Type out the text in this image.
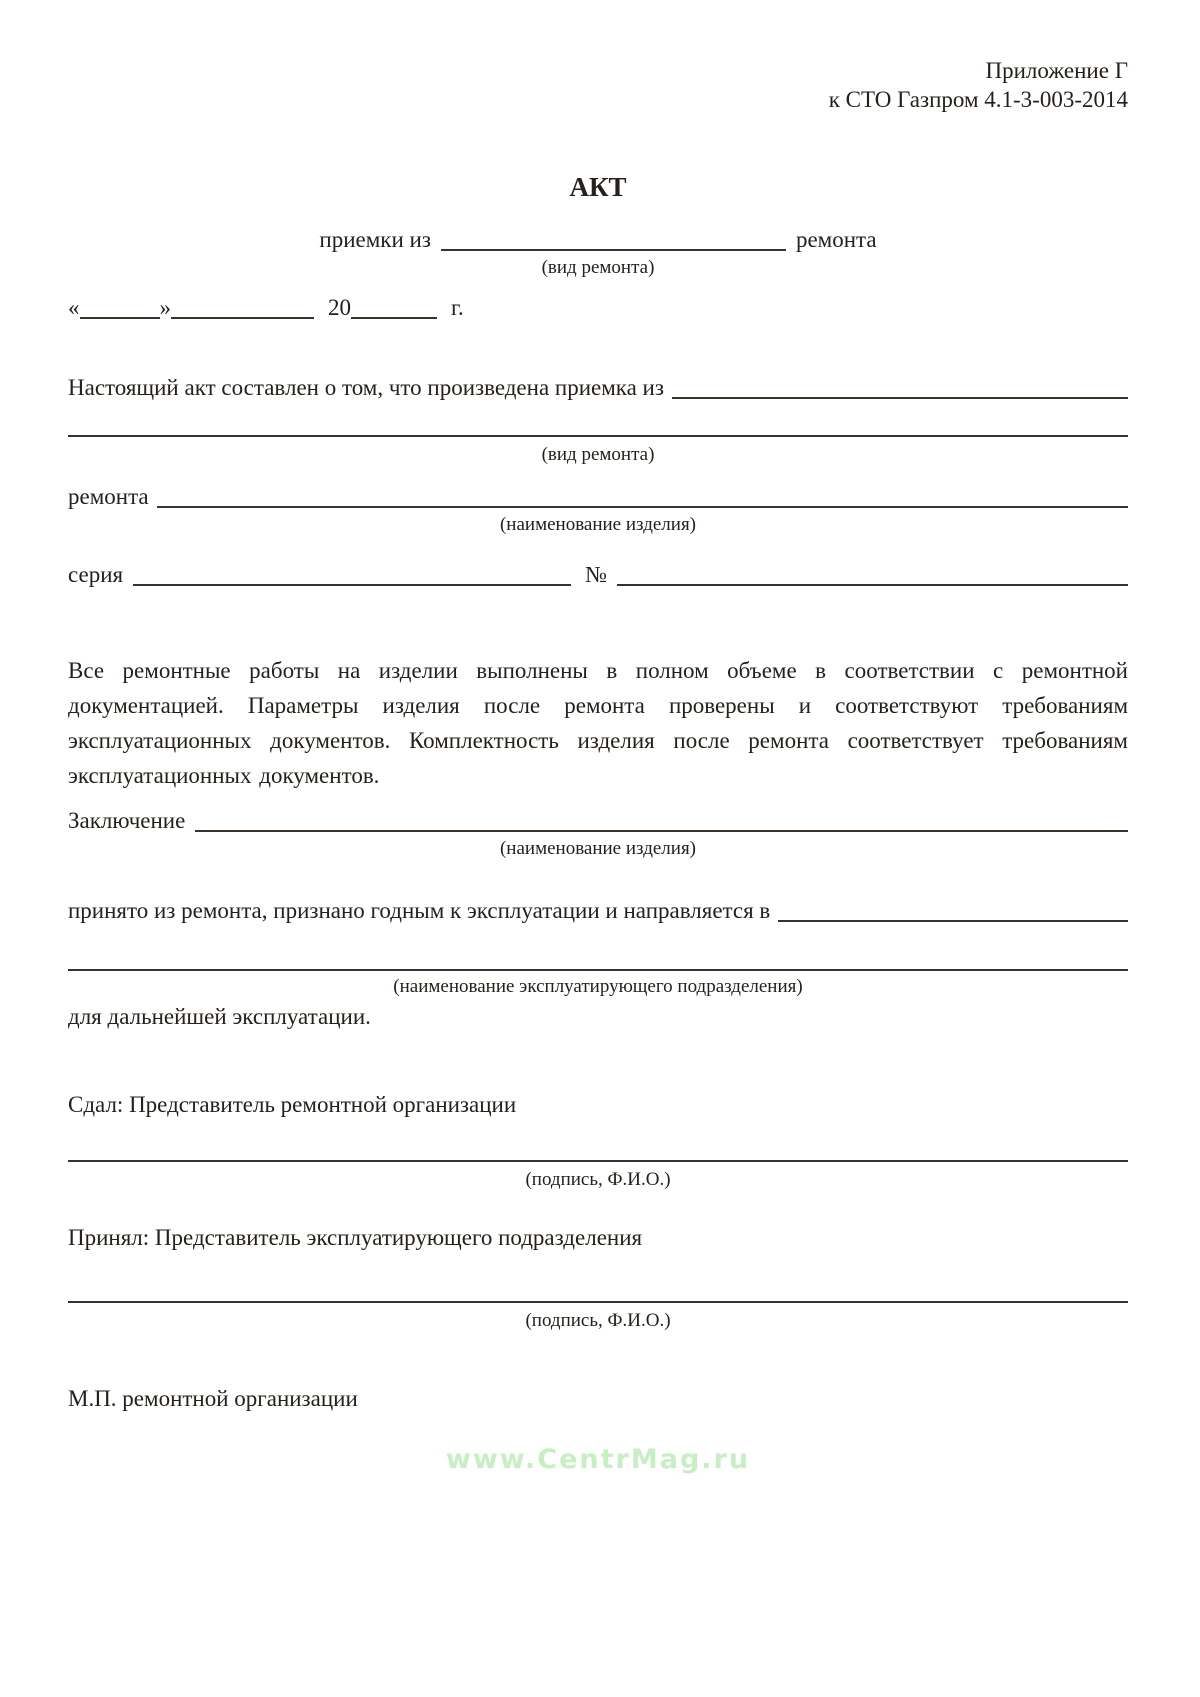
Приложение Г
к СТО Газпром 4.1-3-003-2014
АКТ
приемки из	ремонта
(вид ремонта)
«	»	20	г.
Настоящий акт составлен о том, что произведена приемка из
(вид ремонта)
ремонта
(наименование изделия)
серия	№
Все ремонтные работы на изделии выполнены в полном объеме в соответствии с ремонтной документацией. Параметры изделия после ремонта проверены и соответствуют требованиям эксплуатационных документов. Комплектность изделия после ремонта соответствует требованиям эксплуатационных документов.
Заключение
(наименование изделия)
принято из ремонта, признано годным к эксплуатации и направляется в
(наименование эксплуатирующего подразделения)
для дальнейшей эксплуатации.
Сдал: Представитель ремонтной организации
(подпись, Ф.И.О.)
Принял: Представитель эксплуатирующего подразделения
(подпись, Ф.И.О.)
М.П. ремонтной организации
www.CentrMag.ru
